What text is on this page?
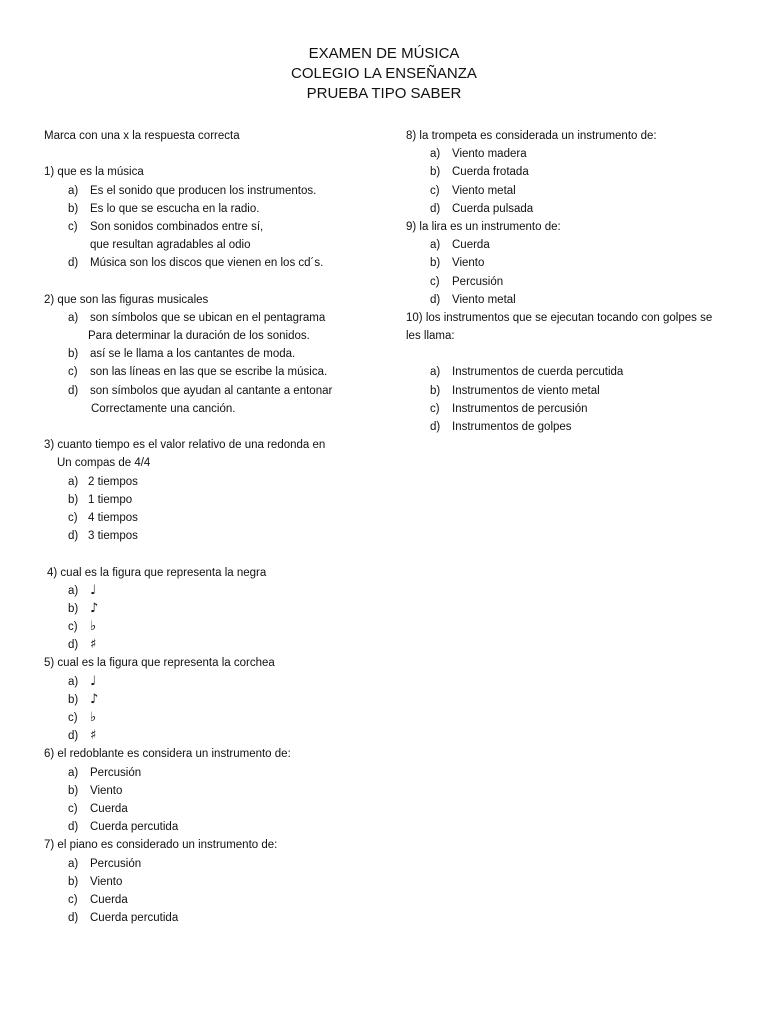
EXAMEN DE MÚSICA
COLEGIO LA ENSEÑANZA
PRUEBA TIPO SABER
Marca con una x la respuesta correcta
1) que es la música
a)	Es el sonido que producen los instrumentos.
b)	Es lo que se escucha en la radio.
c)	Son sonidos combinados entre sí,
que resultan agradables al odio
d)	Música son los discos que vienen en los cd´s.
2) que son las figuras musicales
a)	son símbolos que se ubican en el pentagrama
Para determinar la duración de los sonidos.
b)	así se le llama a los cantantes de moda.
c)	son las líneas en las que se escribe la música.
d)	son símbolos que ayudan al cantante a entonar
Correctamente una canción.
3) cuanto tiempo es el valor relativo de una redonda en
Un compas de 4/4
a) 2 tiempos
b) 1 tiempo
c) 4 tiempos
d) 3 tiempos
4) cual es la figura que representa la negra
a) ♩
b) ♪
c) ♭
d) ♯
5) cual es la figura que representa la corchea
a) ♩
b) ♪
c) ♭
d) ♯
6) el redoblante es considera un instrumento de:
a)	Percusión
b)	Viento
c)	Cuerda
d)	Cuerda percutida
7) el piano es considerado un instrumento de:
a)	Percusión
b)	Viento
c)	Cuerda
d)	Cuerda percutida
8) la trompeta es considerada un instrumento de:
a)	Viento madera
b)	Cuerda frotada
c)	Viento metal
d)	Cuerda pulsada
9) la lira es un instrumento de:
a)	Cuerda
b)	Viento
c)	Percusión
d)	Viento metal
10) los instrumentos que se ejecutan tocando con golpes se les llama:
a)	Instrumentos de cuerda percutida
b)	Instrumentos de viento metal
c)	Instrumentos de percusión
d)	Instrumentos de golpes
